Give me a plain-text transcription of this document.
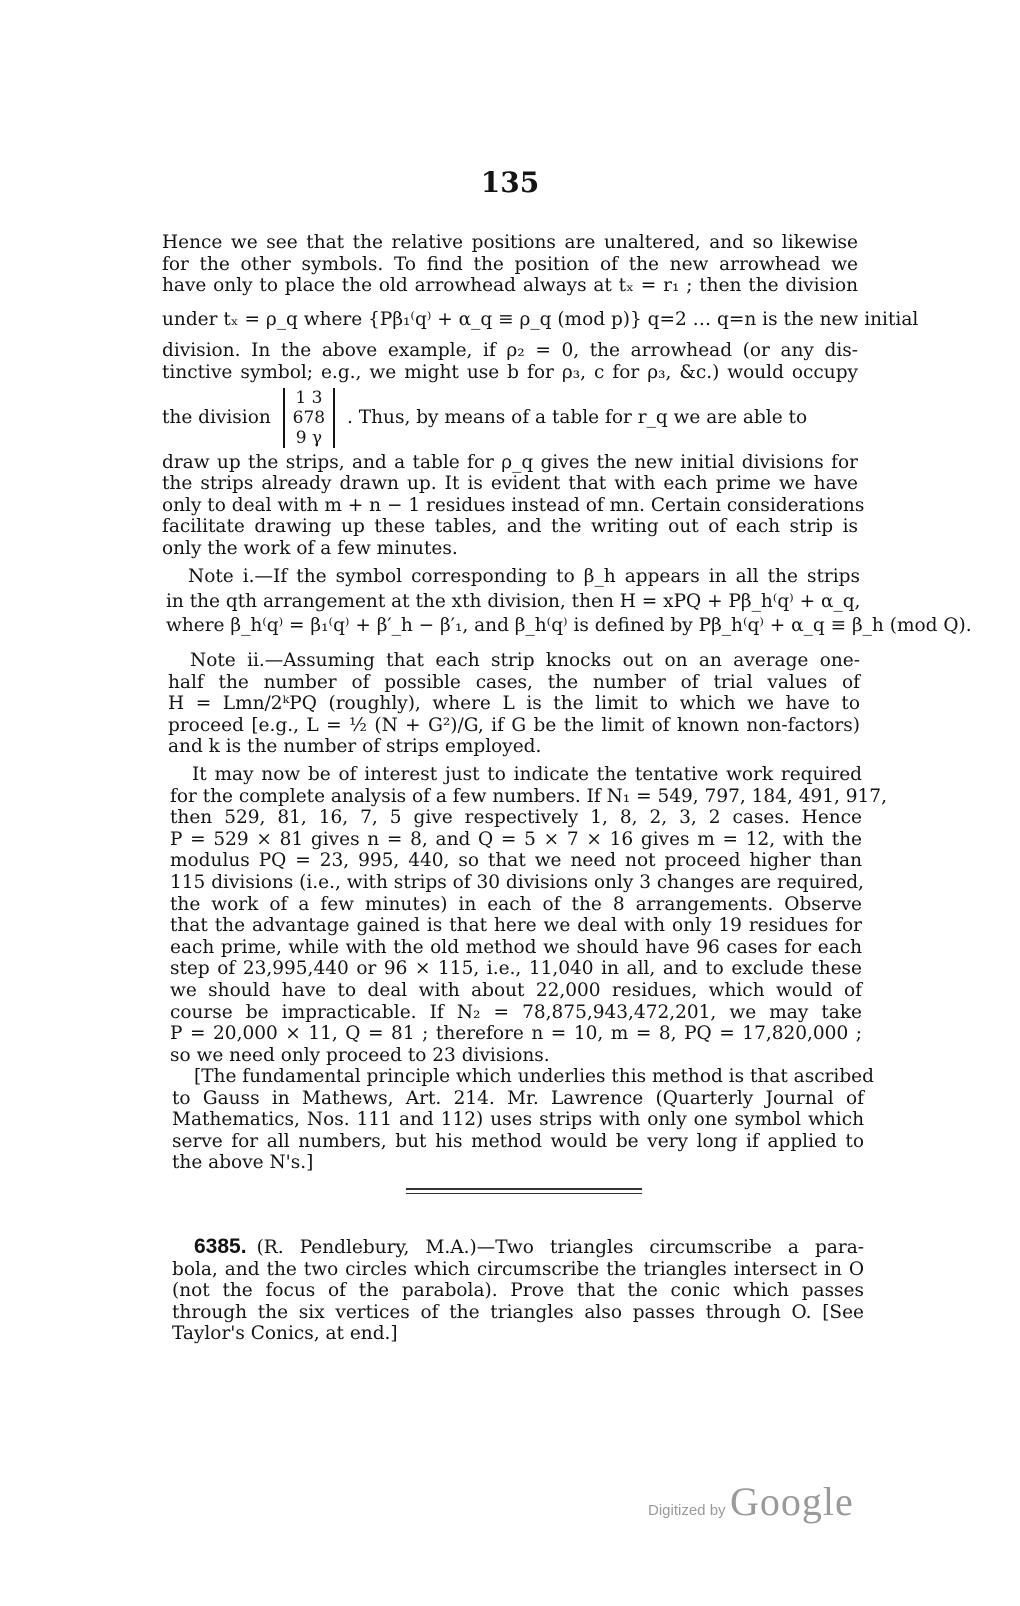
135
Hence we see that the relative positions are unaltered, and so likewise
for the other symbols. To find the position of the new arrowhead we
have only to place the old arrowhead always at tₓ = r₁ ; then the division
under tₓ = ρ_q where {Pβ₁⁽q⁾ + α_q ≡ ρ_q (mod p)} q=2 … q=n is the new initial
division. In the above example, if ρ₂ = 0, the arrowhead (or any dis-
tinctive symbol; e.g., we might use b for ρ₃, c for ρ₃, &c.) would occupy
the division
1 3
678
9 γ
. Thus, by means of a table for r_q we are able to
draw up the strips, and a table for ρ_q gives the new initial divisions for
the strips already drawn up. It is evident that with each prime we have
only to deal with m + n − 1 residues instead of mn. Certain considerations
facilitate drawing up these tables, and the writing out of each strip is
only the work of a few minutes.
Note i.—If the symbol corresponding to β_h appears in all the strips
in the qth arrangement at the xth division, then H = xPQ + Pβ_h⁽q⁾ + α_q,
where β_h⁽q⁾ = β₁⁽q⁾ + β′_h − β′₁, and β_h⁽q⁾ is defined by Pβ_h⁽q⁾ + α_q ≡ β_h (mod Q).
Note ii.—Assuming that each strip knocks out on an average one-
half the number of possible cases, the number of trial values of
H = Lmn/2ᵏPQ (roughly), where L is the limit to which we have to
proceed [e.g., L = ½ (N + G²)/G, if G be the limit of known non-factors)
and k is the number of strips employed.
It may now be of interest just to indicate the tentative work required
for the complete analysis of a few numbers. If N₁ = 549, 797, 184, 491, 917,
then 529, 81, 16, 7, 5 give respectively 1, 8, 2, 3, 2 cases. Hence
P = 529 × 81 gives n = 8, and Q = 5 × 7 × 16 gives m = 12, with the
modulus PQ = 23, 995, 440, so that we need not proceed higher than
115 divisions (i.e., with strips of 30 divisions only 3 changes are required,
the work of a few minutes) in each of the 8 arrangements. Observe
that the advantage gained is that here we deal with only 19 residues for
each prime, while with the old method we should have 96 cases for each
step of 23,995,440 or 96 × 115, i.e., 11,040 in all, and to exclude these
we should have to deal with about 22,000 residues, which would of
course be impracticable. If N₂ = 78,875,943,472,201, we may take
P = 20,000 × 11, Q = 81 ; therefore n = 10, m = 8, PQ = 17,820,000 ;
so we need only proceed to 23 divisions.
[The fundamental principle which underlies this method is that ascribed
to Gauss in Mathews, Art. 214. Mr. Lawrence (Quarterly Journal of
Mathematics, Nos. 111 and 112) uses strips with only one symbol which
serve for all numbers, but his method would be very long if applied to
the above N's.]
6385. (R. Pendlebury, M.A.)—Two triangles circumscribe a para-
bola, and the two circles which circumscribe the triangles intersect in O
(not the focus of the parabola). Prove that the conic which passes
through the six vertices of the triangles also passes through O. [See
Taylor's Conics, at end.]
Digitized by Google
